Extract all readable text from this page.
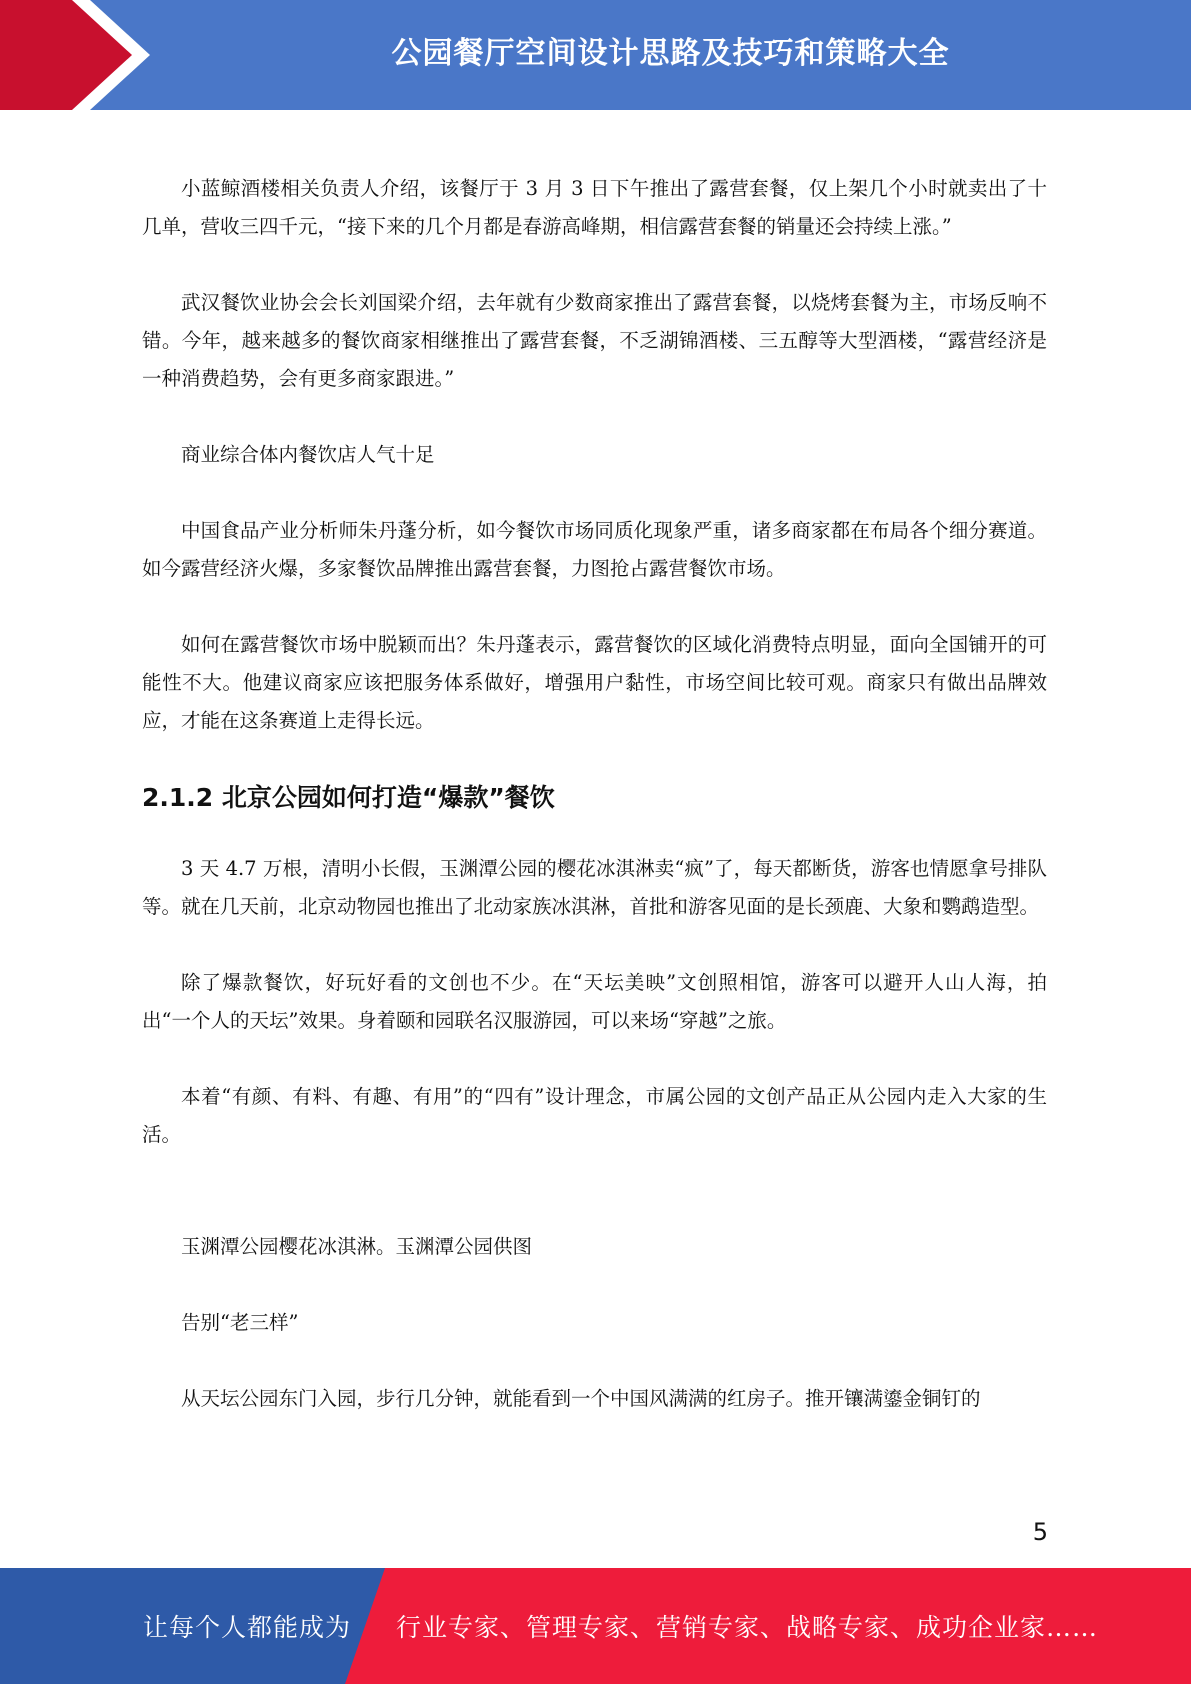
公园餐厅空间设计思路及技巧和策略大全

小蓝鲸酒楼相关负责人介绍，该餐厅于 3 月 3 日下午推出了露营套餐，仅上架几个小时就卖出了十几单，营收三四千元，“接下来的几个月都是春游高峰期，相信露营套餐的销量还会持续上涨。”

武汉餐饮业协会会长刘国梁介绍，去年就有少数商家推出了露营套餐，以烧烤套餐为主，市场反响不错。今年，越来越多的餐饮商家相继推出了露营套餐，不乏湖锦酒楼、三五醇等大型酒楼，“露营经济是一种消费趋势，会有更多商家跟进。”

商业综合体内餐饮店人气十足

中国食品产业分析师朱丹蓬分析，如今餐饮市场同质化现象严重，诸多商家都在布局各个细分赛道。如今露营经济火爆，多家餐饮品牌推出露营套餐，力图抢占露营餐饮市场。

如何在露营餐饮市场中脱颖而出？朱丹蓬表示，露营餐饮的区域化消费特点明显，面向全国铺开的可能性不大。他建议商家应该把服务体系做好，增强用户黏性，市场空间比较可观。商家只有做出品牌效应，才能在这条赛道上走得长远。

2.1.2 北京公园如何打造“爆款”餐饮

3 天 4.7 万根，清明小长假，玉渊潭公园的樱花冰淇淋卖“疯”了，每天都断货，游客也情愿拿号排队等。就在几天前，北京动物园也推出了北动家族冰淇淋，首批和游客见面的是长颈鹿、大象和鹦鹉造型。

除了爆款餐饮，好玩好看的文创也不少。在“天坛美映”文创照相馆，游客可以避开人山人海，拍出“一个人的天坛”效果。身着颐和园联名汉服游园，可以来场“穿越”之旅。

本着“有颜、有料、有趣、有用”的“四有”设计理念，市属公园的文创产品正从公园内走入大家的生活。

玉渊潭公园樱花冰淇淋。玉渊潭公园供图

告别“老三样”

从天坛公园东门入园，步行几分钟，就能看到一个中国风满满的红房子。推开镶满鎏金铜钉的

5
让每个人都能成为 行业专家、管理专家、营销专家、战略专家、成功企业家……
